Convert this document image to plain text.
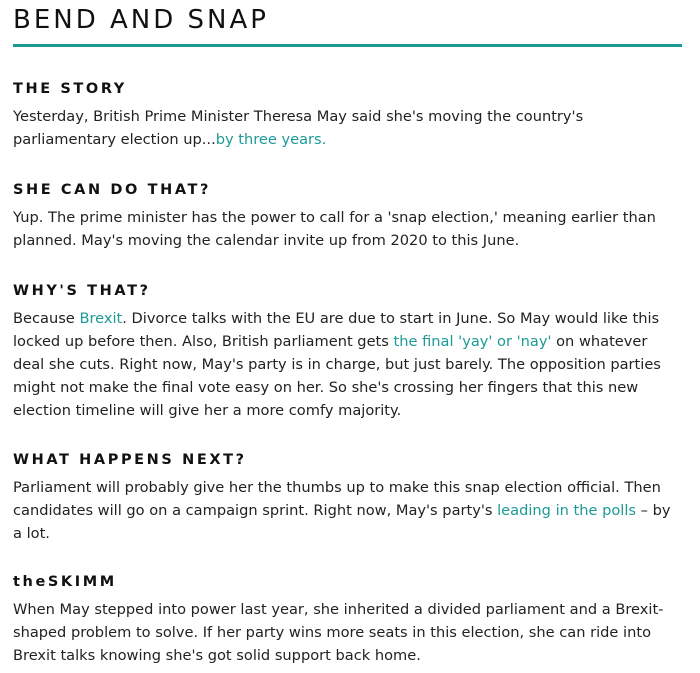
BEND AND SNAP
THE STORY

Yesterday, British Prime Minister Theresa May said she's moving the country's parliamentary election up...by three years.

SHE CAN DO THAT?

Yup. The prime minister has the power to call for a 'snap election,' meaning earlier than planned. May's moving the calendar invite up from 2020 to this June.

WHY'S THAT?

Because Brexit. Divorce talks with the EU are due to start in June. So May would like this locked up before then. Also, British parliament gets the final 'yay' or 'nay' on whatever deal she cuts. Right now, May's party is in charge, but just barely. The opposition parties might not make the final vote easy on her. So she's crossing her fingers that this new election timeline will give her a more comfy majority.

WHAT HAPPENS NEXT?

Parliament will probably give her the thumbs up to make this snap election official. Then candidates will go on a campaign sprint. Right now, May's party's leading in the polls – by a lot.

theSKIMM

When May stepped into power last year, she inherited a divided parliament and a Brexit-shaped problem to solve. If her party wins more seats in this election, she can ride into Brexit talks knowing she's got solid support back home.
